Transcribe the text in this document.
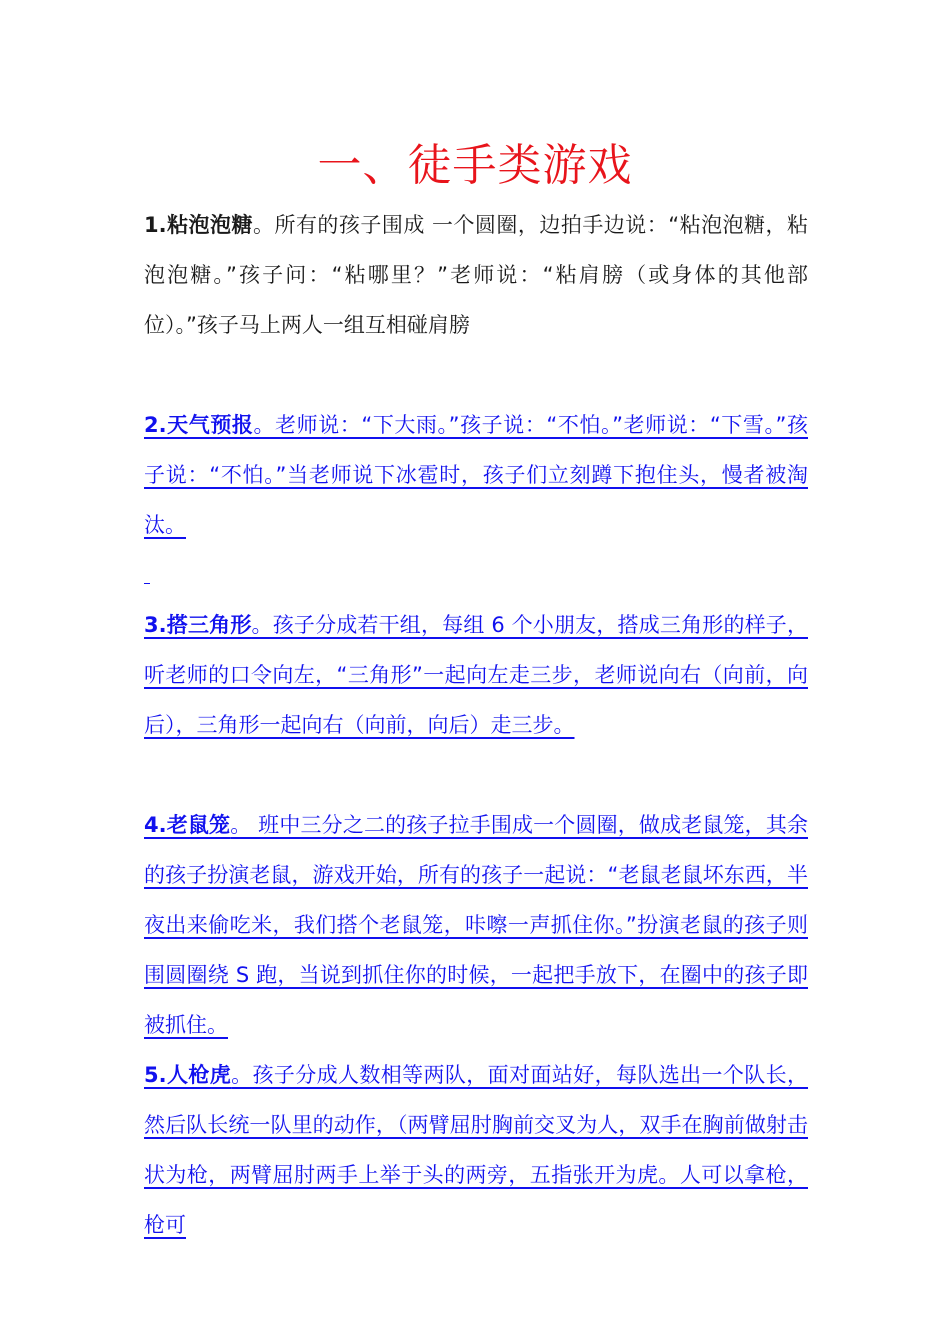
一、徒手类游戏

1.粘泡泡糖。所有的孩子围成 一个圆圈，边拍手边说：“粘泡泡糖，粘泡泡糖。”孩子问：“粘哪里？”老师说：“粘肩膀（或身体的其他部位）。”孩子马上两人一组互相碰肩膀

2.天气预报。老师说：“下大雨。”孩子说：“不怕。”老师说：“下雪。”孩子说：“不怕。”当老师说下冰雹时，孩子们立刻蹲下抱住头，慢者被淘汰。

3.搭三角形。孩子分成若干组，每组 6 个小朋友，搭成三角形的样子，听老师的口令向左，“三角形”一起向左走三步，老师说向右（向前，向后），三角形一起向右（向前，向后）走三步。

4.老鼠笼。 班中三分之二的孩子拉手围成一个圆圈，做成老鼠笼，其余的孩子扮演老鼠，游戏开始，所有的孩子一起说：“老鼠老鼠坏东西，半夜出来偷吃米，我们搭个老鼠笼，咔嚓一声抓住你。”扮演老鼠的孩子则围圆圈绕 S 跑，当说到抓住你的时候，一起把手放下，在圈中的孩子即被抓住。

5.人枪虎。孩子分成人数相等两队，面对面站好，每队选出一个队长，然后队长统一队里的动作，（两臂屈肘胸前交叉为人，双手在胸前做射击状为枪，两臂屈肘两手上举于头的两旁，五指张开为虎。人可以拿枪，枪可
